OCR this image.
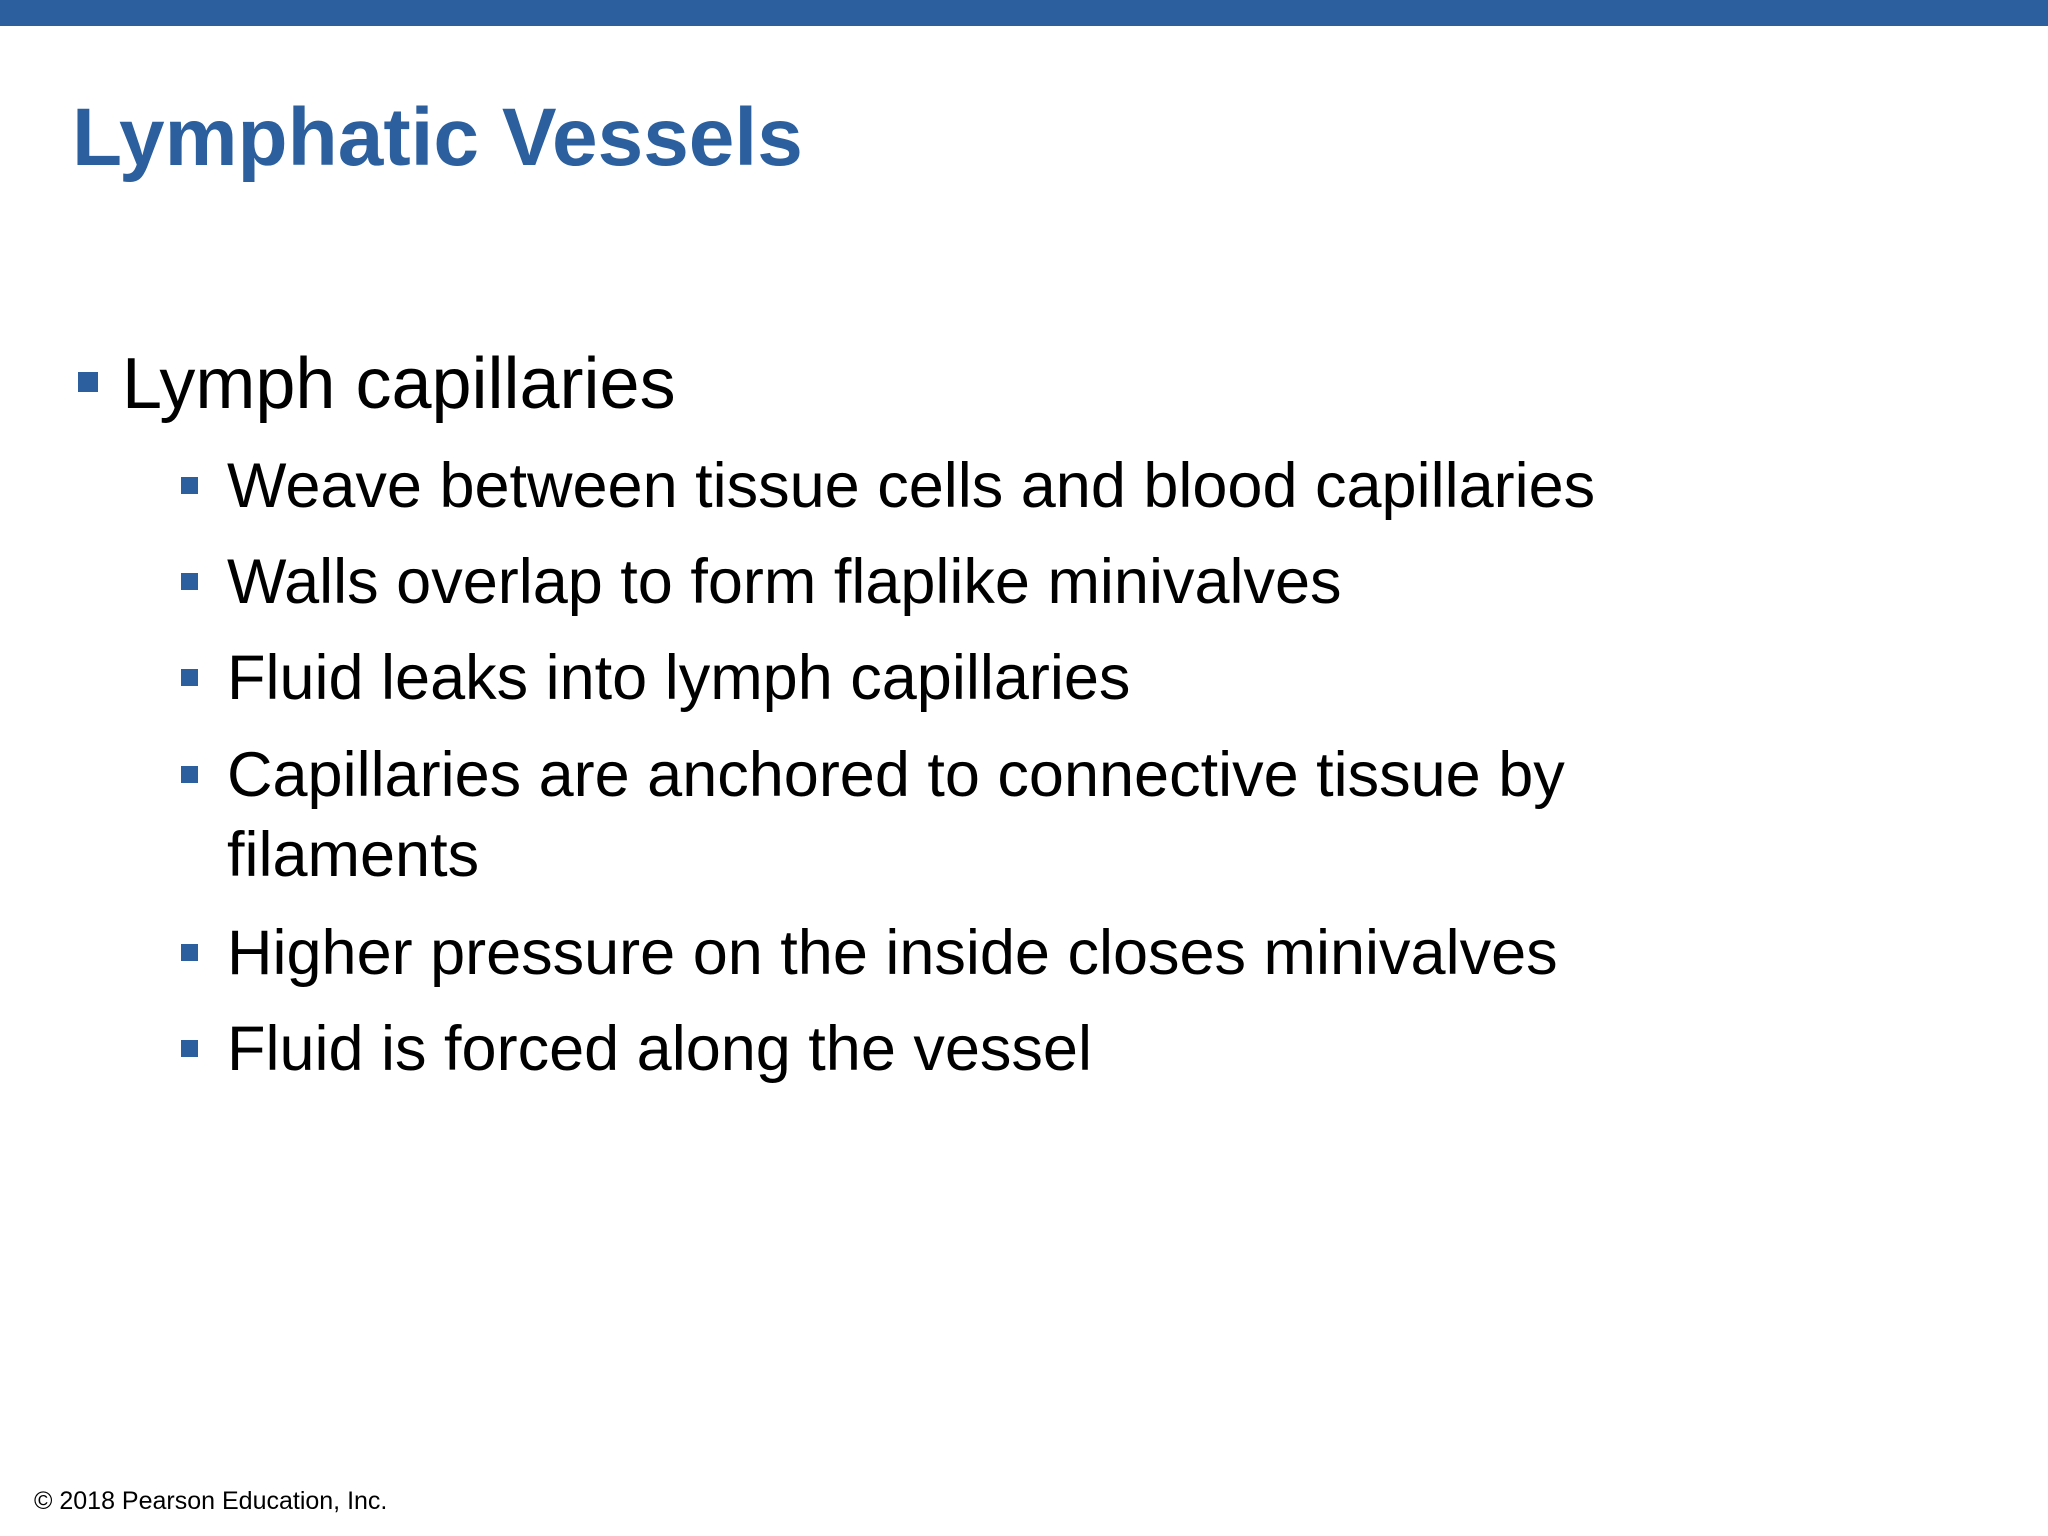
Lymphatic Vessels
Lymph capillaries
Weave between tissue cells and blood capillaries
Walls overlap to form flaplike minivalves
Fluid leaks into lymph capillaries
Capillaries are anchored to connective tissue by
filaments
Higher pressure on the inside closes minivalves
Fluid is forced along the vessel
© 2018 Pearson Education, Inc.
